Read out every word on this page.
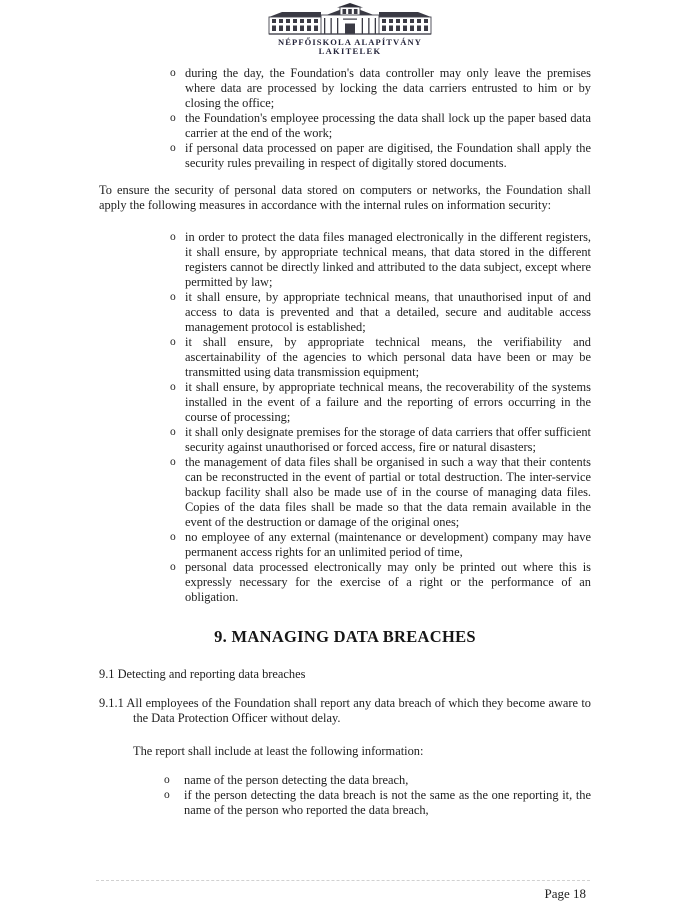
NÉPFŐISKOLA ALAPÍTVÁNY
LAKITELEK
o during the day, the Foundation's data controller may only leave the premises where data are processed by locking the data carriers entrusted to him or by closing the office;
o the Foundation's employee processing the data shall lock up the paper based data carrier at the end of the work;
o if personal data processed on paper are digitised, the Foundation shall apply the security rules prevailing in respect of digitally stored documents.
To ensure the security of personal data stored on computers or networks, the Foundation shall apply the following measures in accordance with the internal rules on information security:
o in order to protect the data files managed electronically in the different registers, it shall ensure, by appropriate technical means, that data stored in the different registers cannot be directly linked and attributed to the data subject, except where permitted by law;
o it shall ensure, by appropriate technical means, that unauthorised input of and access to data is prevented and that a detailed, secure and auditable access management protocol is established;
o it shall ensure, by appropriate technical means, the verifiability and ascertainability of the agencies to which personal data have been or may be transmitted using data transmission equipment;
o it shall ensure, by appropriate technical means, the recoverability of the systems installed in the event of a failure and the reporting of errors occurring in the course of processing;
o it shall only designate premises for the storage of data carriers that offer sufficient security against unauthorised or forced access, fire or natural disasters;
o the management of data files shall be organised in such a way that their contents can be reconstructed in the event of partial or total destruction. The inter-service backup facility shall also be made use of in the course of managing data files. Copies of the data files shall be made so that the data remain available in the event of the destruction or damage of the original ones;
o no employee of any external (maintenance or development) company may have permanent access rights for an unlimited period of time,
o personal data processed electronically may only be printed out where this is expressly necessary for the exercise of a right or the performance of an obligation.
9. MANAGING DATA BREACHES
9.1 Detecting and reporting data breaches
9.1.1 All employees of the Foundation shall report any data breach of which they become aware to the Data Protection Officer without delay.
The report shall include at least the following information:
o name of the person detecting the data breach,
o if the person detecting the data breach is not the same as the one reporting it, the name of the person who reported the data breach,
Page 18
